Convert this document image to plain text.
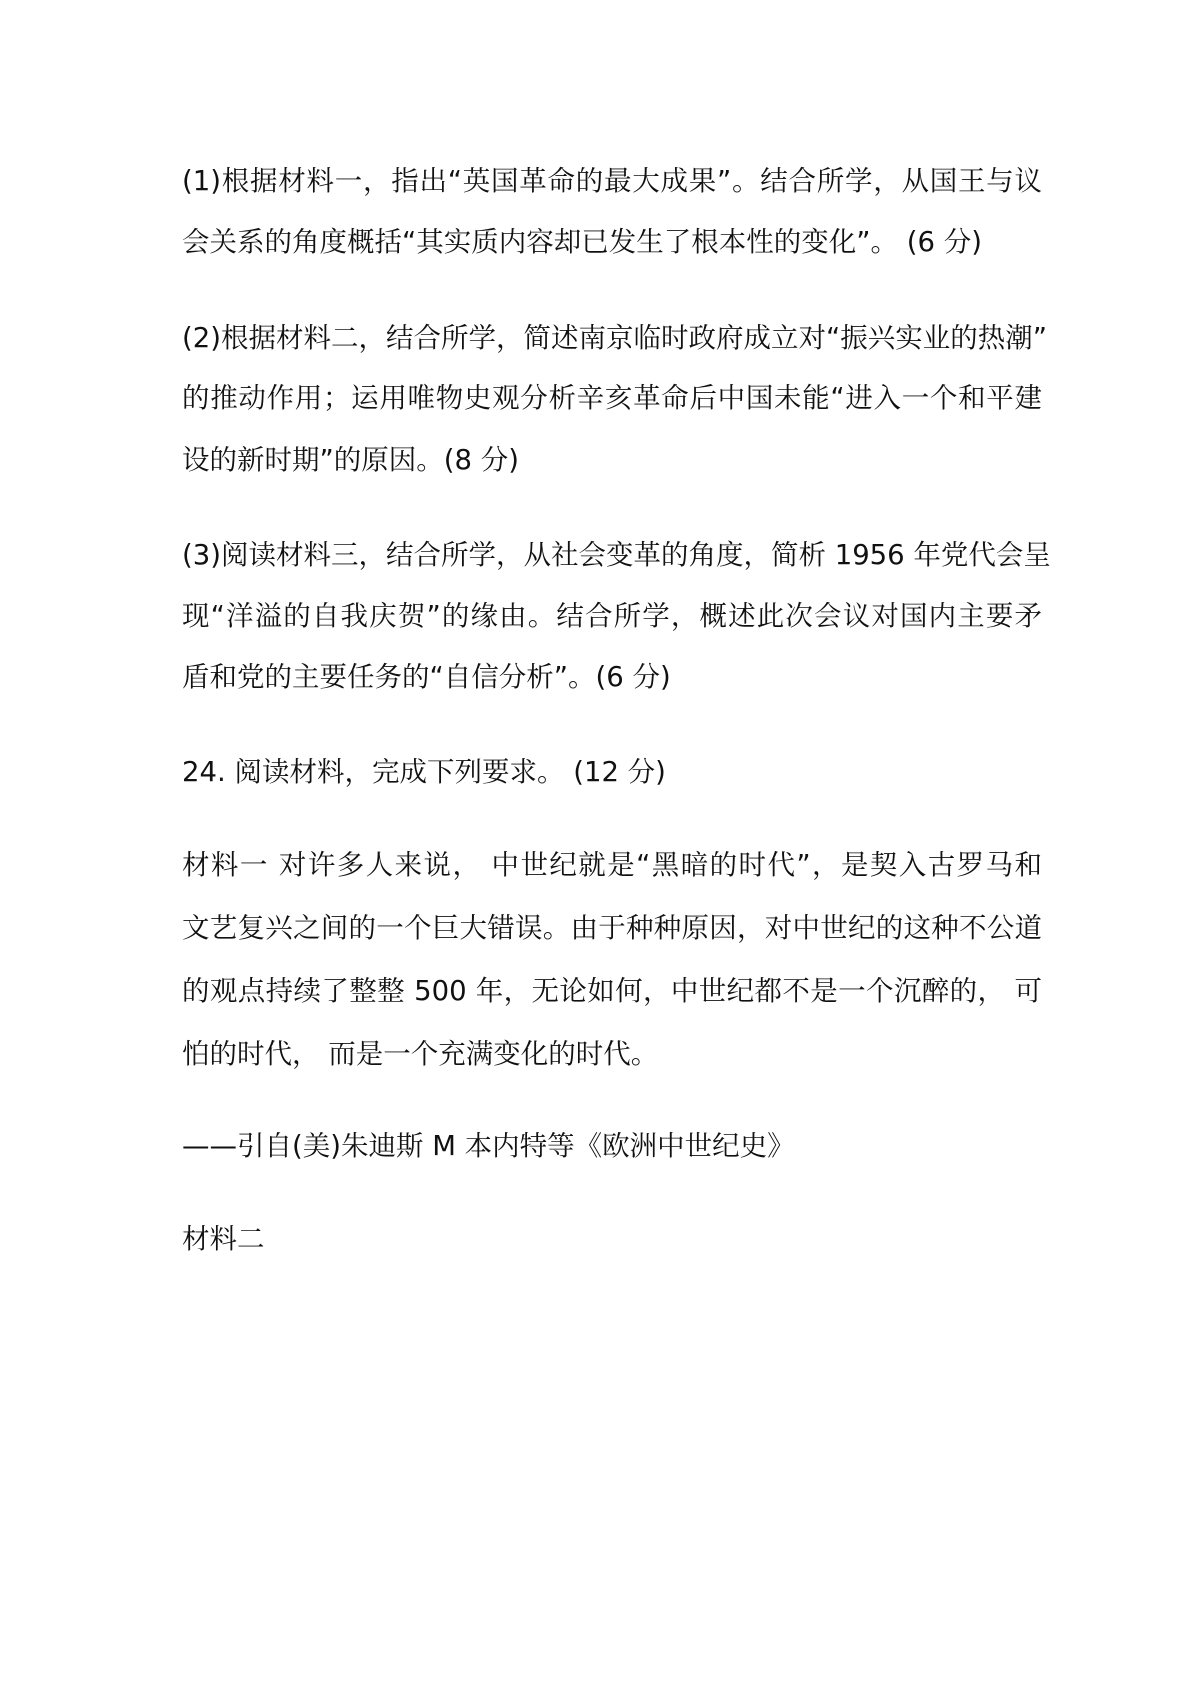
(1)根据材料一，指出“英国革命的最大成果”。结合所学，从国王与议
会关系的角度概括“其实质内容却已发生了根本性的变化”。 (6 分)
(2)根据材料二，结合所学，简述南京临时政府成立对“振兴实业的热潮”
的推动作用；运用唯物史观分析辛亥革命后中国未能“进入一个和平建
设的新时期”的原因。(8 分)
(3)阅读材料三，结合所学，从社会变革的角度，简析 1956 年党代会呈
现“洋溢的自我庆贺”的缘由。结合所学，概述此次会议对国内主要矛
盾和党的主要任务的“自信分析”。(6 分)
24. 阅读材料，完成下列要求。 (12 分)
材料一 对许多人来说， 中世纪就是“黑暗的时代”，是契入古罗马和
文艺复兴之间的一个巨大错误。由于种种原因，对中世纪的这种不公道
的观点持续了整整 500 年，无论如何，中世纪都不是一个沉醉的， 可
怕的时代， 而是一个充满变化的时代。
——引自(美)朱迪斯 M 本内特等《欧洲中世纪史》
材料二
